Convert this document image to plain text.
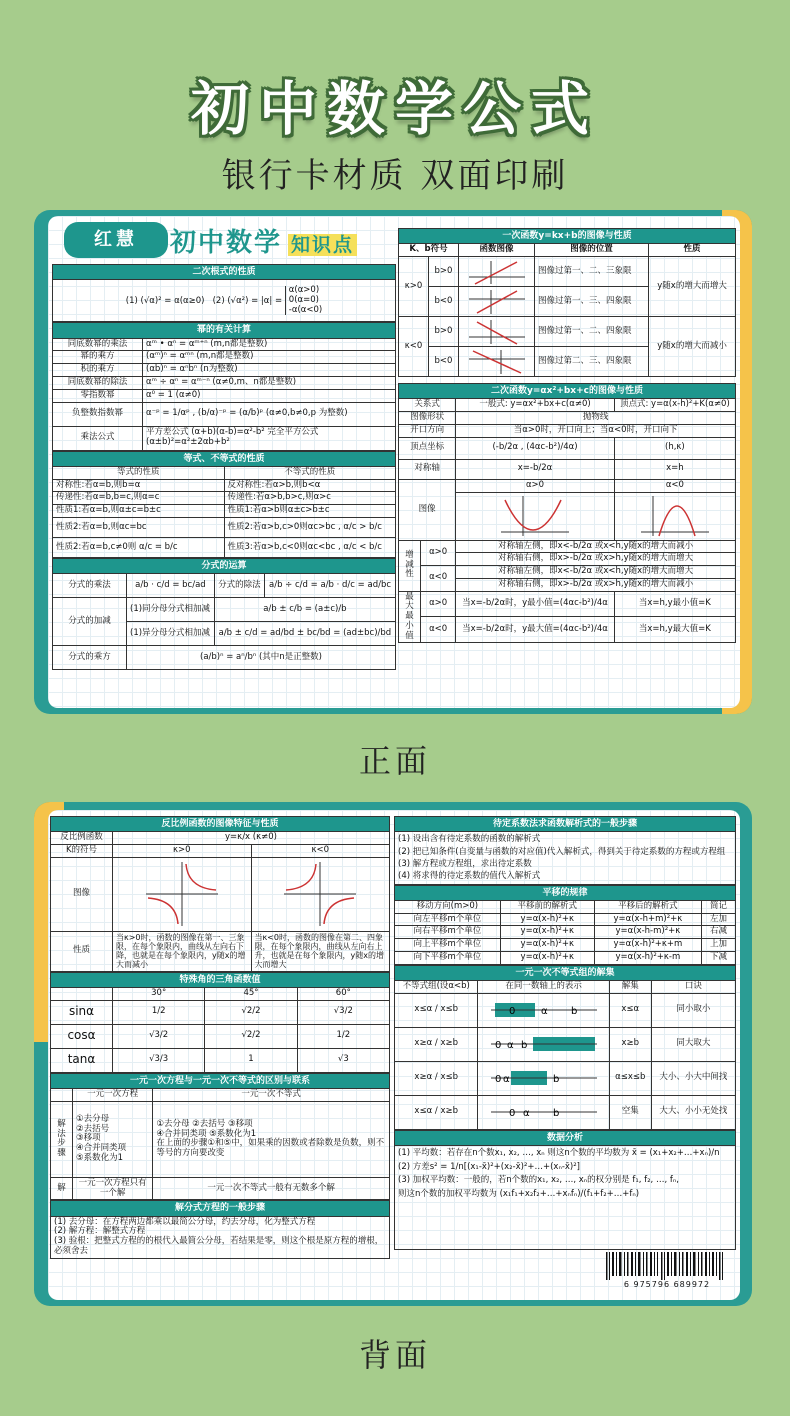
初中数学公式
银行卡材质 双面印刷
红慧	初中数学 知识点
二次根式的性质
(1) (√α)² = α(α≥0) (2) (√α²) = |α| =
α(α>0)
0(α=0)
-α(α<0)
幂的有关计算	
同底数幂的乘法	αᵐ • αⁿ = αᵐ⁺ⁿ (m,n都是整数)
幂的乘方	(αᵐ)ⁿ = αᵐⁿ (m,n都是整数)
积的乘方	(αb)ⁿ = αⁿbⁿ (n为整数)
同底数幂的除法	αᵐ ÷ αⁿ = αᵐ⁻ⁿ (α≠0,m、n都是整数)
零指数幂	α⁰ = 1 (α≠0)
负整数指数幂	α⁻ᵖ = 1/αᵖ , (b/α)⁻ᵖ = (α/b)ᵖ (α≠0,b≠0,p 为整数)
乘法公式	平方差公式 (α+b)(α-b)=α²-b² 完全平方公式 (α±b)²=α²±2αb+b²
等式、不等式的性质	
等式的性质	不等式的性质
对称性:若α=b,则b=α	反对称性:若α>b,则b<α
传递性:若α=b,b=c,则α=c	传递性:若α>b,b>c,则α>c
性质1:若α=b,则α±c=b±c	性质1:若α>b则α±c>b±c
性质2:若α=b,则αc=bc	性质2:若α>b,c>0则αc>bc , α/c > b/c
性质2:若α=b,c≠0则 α/c = b/c	性质3:若α>b,c<0则αc<bc , α/c < b/c
分式的运算			
分式的乘法	a/b · c/d = bc/ad	分式的除法	a/b ÷ c/d = a/b · d/c = ad/bc
分式的加减	(1)同分母分式相加减	a/b ± c/b = (a±c)/b	
	(1)异分母分式相加减	a/b ± c/d = ad/bd ± bc/bd = (ad±bc)/bd	
分式的乘方	(a/b)ⁿ = aⁿ/bⁿ (其中n是正整数)		
一次函数y=kx+b的图像与性质				
K、b符号		函数图像	图像的位置	性质
κ>0	b>0		图像过第一、二、三象限	y随x的增大而增大
	b<0		图像过第一、三、四象限	
κ<0	b>0		图像过第一、二、四象限	y随x的增大而减小
	b<0		图像过第二、三、四象限	
二次函数y=αx²+bx+c的图像与性质			
关系式		一般式: y=αx²+bx+c(α≠0)	顶点式: y=α(x-h)²+K(α≠0)
图像形状		抛物线	
开口方向		当α>0时，开口向上；当α<0时，开口向下	
顶点坐标		(-b/2α , (4αc-b²)/4α)	(h,κ)
对称轴		x=-b/2α	x=h
图像		α>0	α<0

增减性	α>0	对称轴左侧，即x<-b/2α 或x<h,y随x的增大而减小	
		对称轴右侧，即x>-b/2α 或x>h,y随x的增大而增大	
	α<0	对称轴左侧，即x<-b/2α 或x<h,y随x的增大而增大	
		对称轴右侧，即x>-b/2α 或x>h,y随x的增大而减小	
最大最小值	α>0	当x=-b/2α时，y最小值=(4αc-b²)/4α	当x=h,y最小值=K
	α<0	当x=-b/2α时，y最大值=(4αc-b²)/4α	当x=h,y最大值=K
正面
反比例函数的图像特征与性质		
反比例函数	y=κ/x (κ≠0)	
K的符号	κ>0	κ<0
图像	

性质	当κ>0时，函数的图像在第一、三象限，在每个象限内，曲线从左向右下降，也就是在每个象限内，y随x的增大而减小	当κ<0时，函数的图像在第二、四象限，在每个象限内，曲线从左向右上升，也就是在每个象限内，y随x的增大而增大
特殊角的三角函数值			
	30°	45°	60°
sinα	1/2	√2/2	√3/2
cosα	√3/2	√2/2	1/2
tanα	√3/3	1	√3
一元一次方程与一元一次不等式的区别与联系		
	一元一次方程	一元一次不等式
解法步骤	①去分母
②去括号
③移项
④合并同类项
⑤系数化为1	①去分母 ②去括号 ③移项
④合并同类项 ⑤系数化为1
在上面的步骤①和⑤中，如果乘的因数或者除数是负数，则不等号的方向要改变
解	一元一次方程只有一个解	一元一次不等式一般有无数多个解
解分式方程的一般步骤

(1) 去分母：在方程两边都乘以最简公分母，约去分母，化为整式方程
(2) 解方程：解整式方程
(3) 验根：把整式方程的的根代入最简公分母，若结果是零，则这个根是原方程的增根，必须舍去
待定系数法求函数解析式的一般步骤

(1) 设出含有待定系数的函数的解析式
(2) 把已知条件(自变量与函数的对应值)代入解析式，得到关于待定系数的方程或方程组
(3) 解方程或方程组，求出待定系数
(4) 将求得的待定系数的值代入解析式
平移的规律			
移动方向(m>0)	平移前的解析式	平移后的解析式	简记
向左平移m个单位	y=α(x-h)²+κ	y=α(x-h+m)²+κ	左加
向右平移m个单位	y=α(x-h)²+κ	y=α(x-h-m)²+κ	右减
向上平移m个单位	y=α(x-h)²+κ	y=α(x-h)²+κ+m	上加
向下平移m个单位	y=α(x-h)²+κ	y=α(x-h)²+κ-m	下减
一元一次不等式组的解集			
不等式组(设α<b)	在同一数轴上的表示	解集	口诀
x≤α / x≤b	0 α b	x≤α	同小取小
x≥α / x≥b	0 α b	x≥b	同大取大
x≥α / x≤b	0 α b	α≤x≤b	大小、小大中间找
x≤α / x≥b	0 α b	空集	大大、小小无处找
数据分析

(1) 平均数：若存在n个数x₁, x₂, …, xₙ 则这n个数的平均数为 x̄ = (x₁+x₂+…+xₙ)/n
(2) 方差s² = 1/n[(x₁-x̄)²+(x₂-x̄)²+…+(xₙ-x̄)²]
(3) 加权平均数：一般的，若n个数的x₁, x₂, …, xₙ的权分别是 f₁, f₂, …, fₙ,
则这n个数的加权平均数为 (x₁f₁+x₂f₂+…+xₙfₙ)/(f₁+f₂+…+fₙ)
6 975796 689972
背面
